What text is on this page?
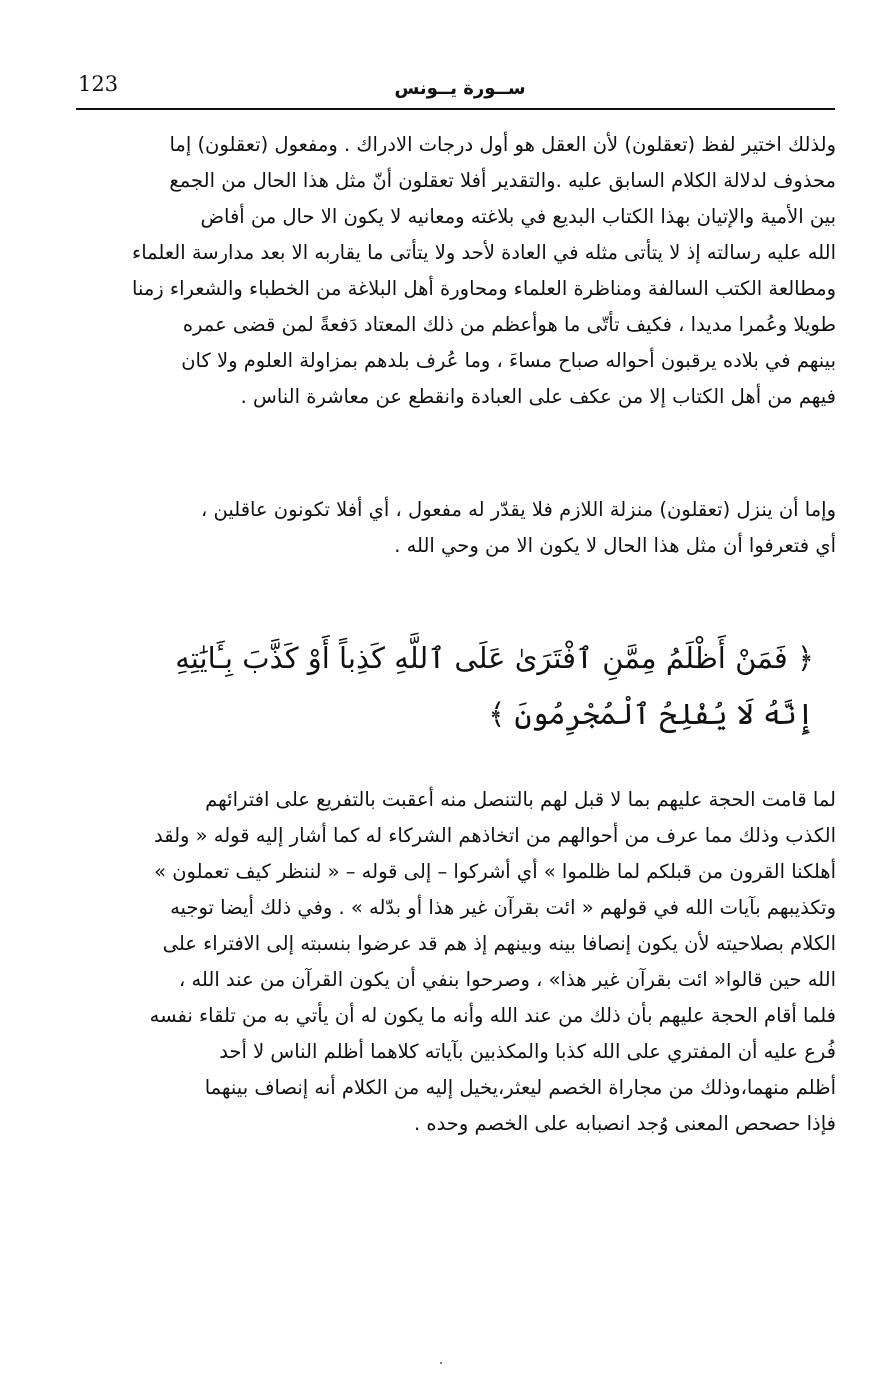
123	ســورة يــونس
ولذلك اختير لفظ (تعقلون) لأن العقل هو أول درجات الادراك . ومفعول (تعقلون) إما
محذوف لدلالة الكلام السابق عليه .والتقدير أفلا تعقلون أنّ مثل هذا الحال من الجمع
بين الأمية والإتيان بهذا الكتاب البديع في بلاغته ومعانيه لا يكون الا حال من أفاض
الله عليه رسالته إذ لا يتأتى مثله في العادة لأحد ولا يتأتى ما يقاربه الا بعد مدارسة العلماء
ومطالعة الكتب السالفة ومناظرة العلماء ومحاورة أهل البلاغة من الخطباء والشعراء زمنا
طويلا وعُمرا مديدا ، فكيف تأتّى ما هوأعظم من ذلك المعتاد دَفعةً لمن قضى عمره
بينهم في بلاده يرقبون أحواله صباح مساءَ ، وما عُرف بلدهم بمزاولة العلوم ولا كان
فيهم من أهل الكتاب إلا من عكف على العبادة وانقطع عن معاشرة الناس .
وإما أن ينزل (تعقلون) منزلة اللازم فلا يقدّر له مفعول ، أي أفلا تكونون عاقلين ،
أي فتعرفوا أن مثل هذا الحال لا يكون الا من وحي الله .
﴿ فَمَنْ أَظْلَمُ مِمَّنِ ٱفْتَرَىٰ عَلَى ٱللَّهِ كَذِباً أَوْ كَذَّبَ بِـَٔايَٰتِهِ
إِنَّهُ لَا يُفْلِحُ ٱلْمُجْرِمُونَ ﴾
لما قامت الحجة عليهم بما لا قبل لهم بالتنصل منه أعقبت بالتفريع على افترائهم
الكذب وذلك مما عرف من أحوالهم من اتخاذهم الشركاء له كما أشار إليه قوله « ولقد
أهلكنا القرون من قبلكم لما ظلموا » أي أشركوا – إلى قوله – « لننظر كيف تعملون »
وتكذيبهم بآيات الله في قولهم « ائت بقرآن غير هذا أو بدّله » . وفي ذلك أيضا توجيه
الكلام بصلاحيته لأن يكون إنصافا بينه وبينهم إذ هم قد عرضوا بنسبته إلى الافتراء على
الله حين قالوا« ائت بقرآن غير هذا» ، وصرحوا بنفي أن يكون القرآن من عند الله ،
فلما أقام الحجة عليهم بأن ذلك من عند الله وأنه ما يكون له أن يأتي به من تلقاء نفسه
فُرع عليه أن المفتري على الله كذبا والمكذبين بآياته كلاهما أظلم الناس لا أحد
أظلم منهما،وذلك من مجاراة الخصم ليعثر،يخيل إليه من الكلام أنه إنصاف بينهما
فإذا حصحص المعنى وُجد انصبابه على الخصم وحده .
